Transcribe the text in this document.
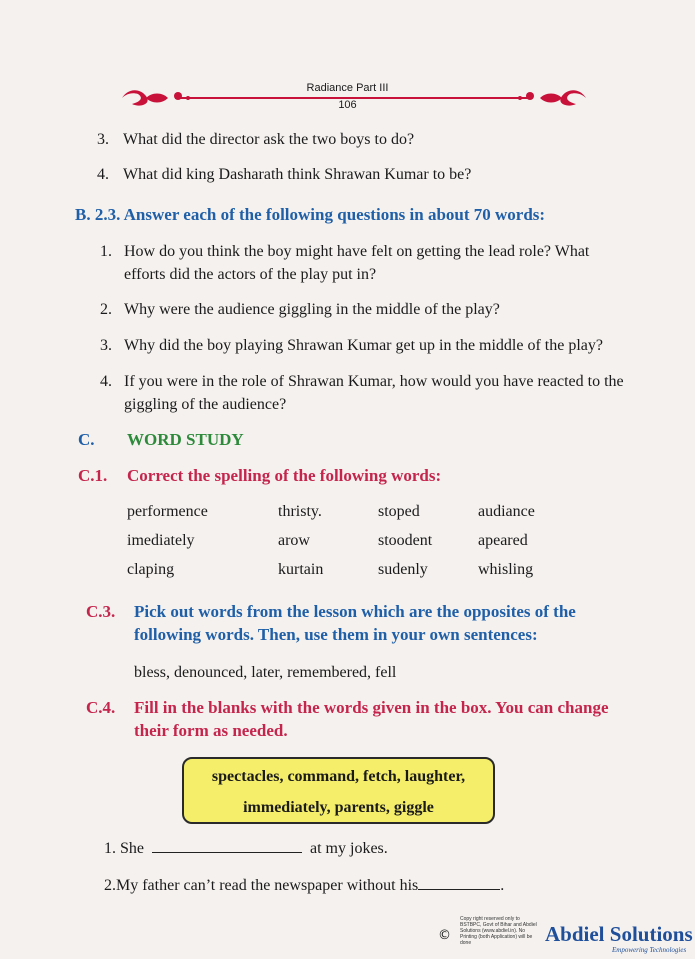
Radiance Part III
106
3. What did the director ask the two boys to do?
4. What did king Dasharath think Shrawan Kumar to be?
B. 2.3. Answer each of the following questions in about 70 words:
1. How do you think the boy might have felt on getting the lead role? What
efforts did the actors of the play put in?
2. Why were the audience giggling in the middle of the play?
3. Why did the boy playing Shrawan Kumar get up in the middle of the play?
4. If you were in the role of Shrawan Kumar, how would you have reacted to the
giggling of the audience?
C. WORD STUDY
C.1. Correct the spelling of the following words:
performence	thristy.	stoped	audiance
imediately	arow	stoodent	apeared
claping	kurtain	sudenly	whisling
C.3. Pick out words from the lesson which are the opposites of the
following words. Then, use them in your own sentences:
bless, denounced, later, remembered, fell
C.4. Fill in the blanks with the words given in the box. You can change
their form as needed.
spectacles, command, fetch, laughter,
immediately, parents, giggle
1. She	at my jokes.
2.My father can’t read the newspaper without his	.
Copy right reserved only to BSTBPC, Govt of Bihar and Abdiel Solutions (www.abdiel.in). No Printing (both Application) will be done
©	Abdiel Solutions
Empowering Technologies
